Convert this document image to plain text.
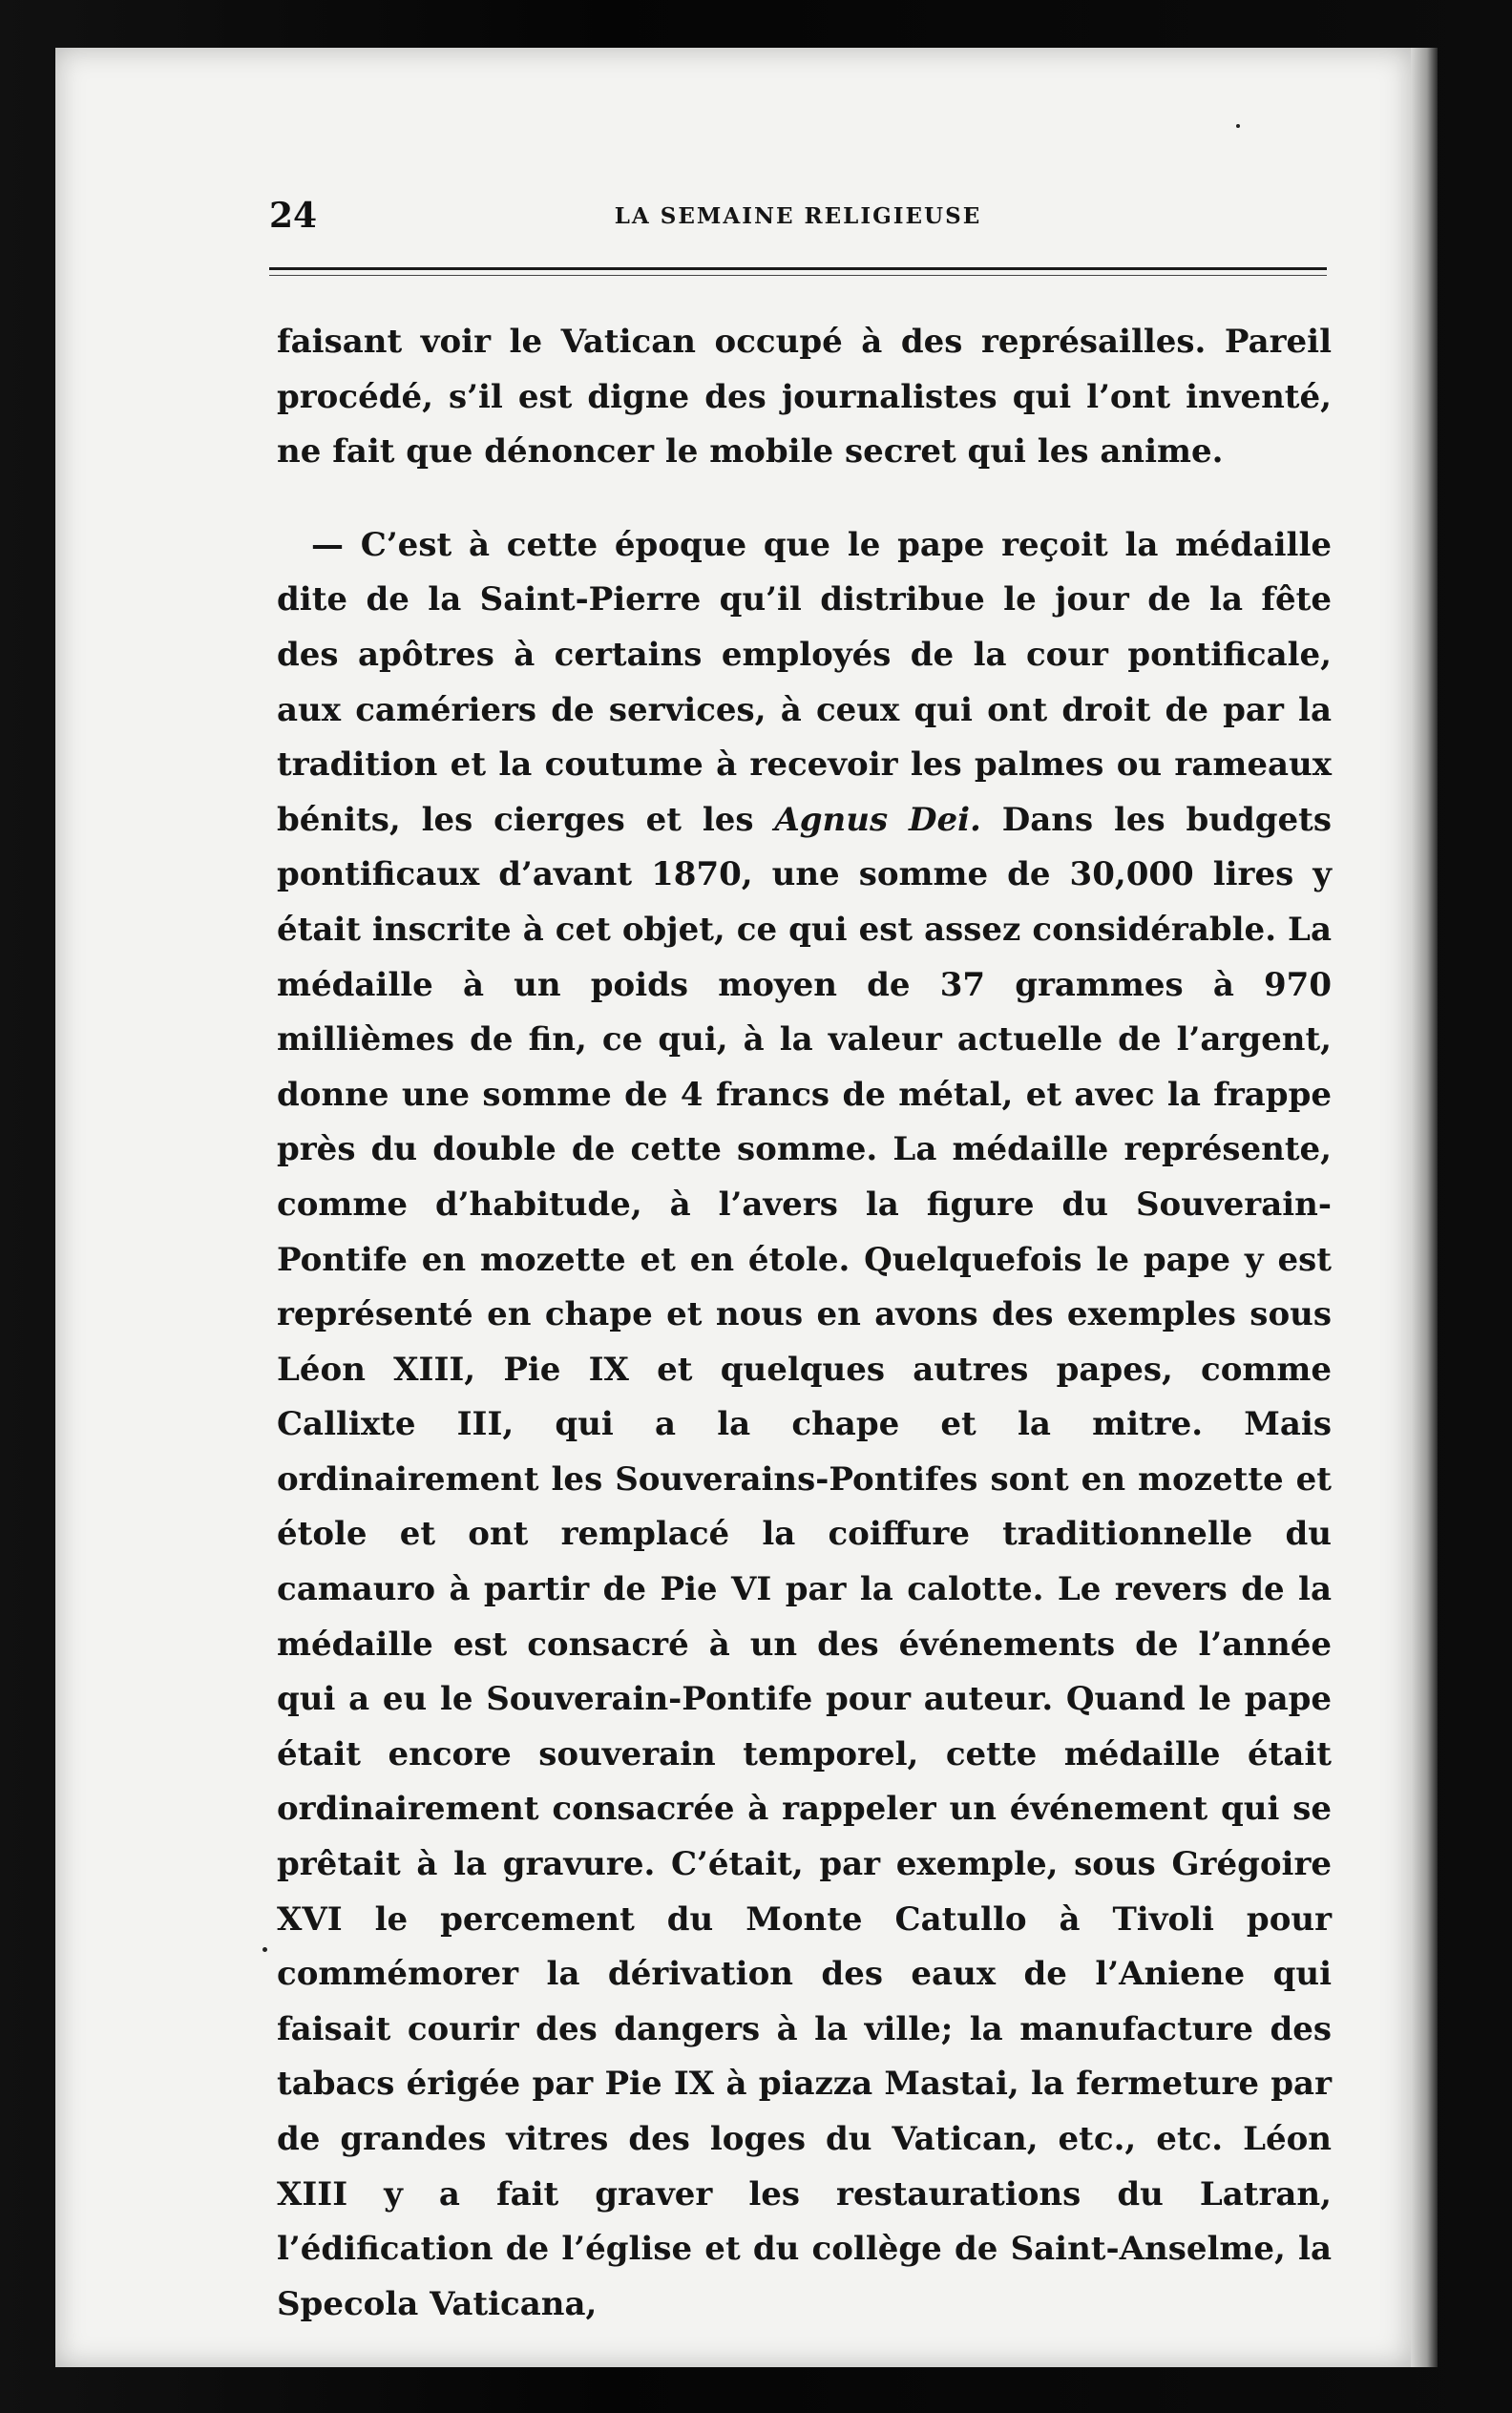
24	LA SEMAINE RELIGIEUSE

faisant voir le Vatican occupé à des représailles. Pareil procédé, s’il est digne des journalistes qui l’ont inventé, ne fait que dénoncer le mobile secret qui les anime.

— C’est à cette époque que le pape reçoit la médaille dite de la Saint-Pierre qu’il distribue le jour de la fête des apôtres à certains employés de la cour pontificale, aux camériers de services, à ceux qui ont droit de par la tradition et la coutume à recevoir les palmes ou rameaux bénits, les cierges et les Agnus Dei. Dans les budgets pontificaux d’avant 1870, une somme de 30,000 lires y était inscrite à cet objet, ce qui est assez considérable. La médaille à un poids moyen de 37 grammes à 970 millièmes de fin, ce qui, à la valeur actuelle de l’argent, donne une somme de 4 francs de métal, et avec la frappe près du double de cette somme. La médaille représente, comme d’habitude, à l’avers la figure du Souverain-Pontife en mozette et en étole. Quelquefois le pape y est représenté en chape et nous en avons des exemples sous Léon XIII, Pie IX et quelques autres papes, comme Callixte III, qui a la chape et la mitre. Mais ordinairement les Souverains-Pontifes sont en mozette et étole et ont remplacé la coiffure traditionnelle du camauro à partir de Pie VI par la calotte. Le revers de la médaille est consacré à un des événements de l’année qui a eu le Souverain-Pontife pour auteur. Quand le pape était encore souverain temporel, cette médaille était ordinairement consacrée à rappeler un événement qui se prêtait à la gravure. C’était, par exemple, sous Grégoire XVI le percement du Monte Catullo à Tivoli pour commémorer la dérivation des eaux de l’Aniene qui faisait courir des dangers à la ville; la manufacture des tabacs érigée par Pie IX à piazza Mastai, la fermeture par de grandes vitres des loges du Vatican, etc., etc. Léon XIII y a fait graver les restaurations du Latran, l’édification de l’église et du collège de Saint-Anselme, la Specola Vaticana,
